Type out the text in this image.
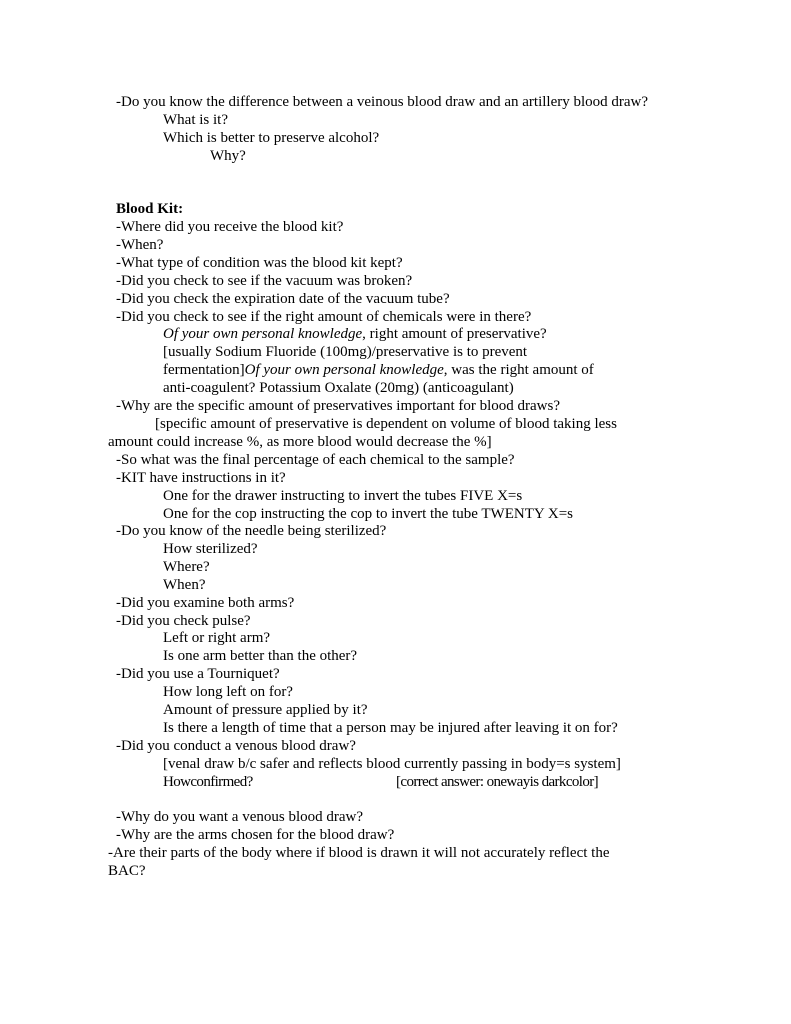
-Do you know the difference between a veinous blood draw and an artillery blood draw?
What is it?
Which is better to preserve alcohol?
Why?
Blood Kit:
-Where did you receive the blood kit?
-When?
-What type of condition was the blood kit kept?
-Did you check to see if the vacuum was broken?
-Did you check the expiration date of the vacuum tube?
-Did you check to see if the right amount of chemicals were in there?
Of your own personal knowledge, right amount of preservative?
[usually Sodium Fluoride (100mg)/preservative is to prevent
fermentation]Of your own personal knowledge, was the right amount of
anti-coagulent? Potassium Oxalate (20mg) (anticoagulant)
-Why are the specific amount of preservatives important for blood draws?
[specific amount of preservative is dependent on volume of blood taking less
amount could increase %, as more blood would decrease the %]
-So what was the final percentage of each chemical to the sample?
-KIT have instructions in it?
One for the drawer instructing to invert the tubes FIVE X=s
One for the cop instructing the cop to invert the tube TWENTY X=s
-Do you know of the needle being sterilized?
How sterilized?
Where?
When?
-Did you examine both arms?
-Did you check pulse?
Left or right arm?
Is one arm better than the other?
-Did you use a Tourniquet?
How long left on for?
Amount of pressure applied by it?
Is there a length of time that a person may be injured after leaving it on for?
-Did you conduct a venous blood draw?
[venal draw b/c safer and reflects blood currently passing in body=s system]
Howconfirmed?	[correct answer: onewayis darkcolor]
-Why do you want a venous blood draw?
-Why are the arms chosen for the blood draw?
-Are their parts of the body where if blood is drawn it will not accurately reflect the
BAC?
